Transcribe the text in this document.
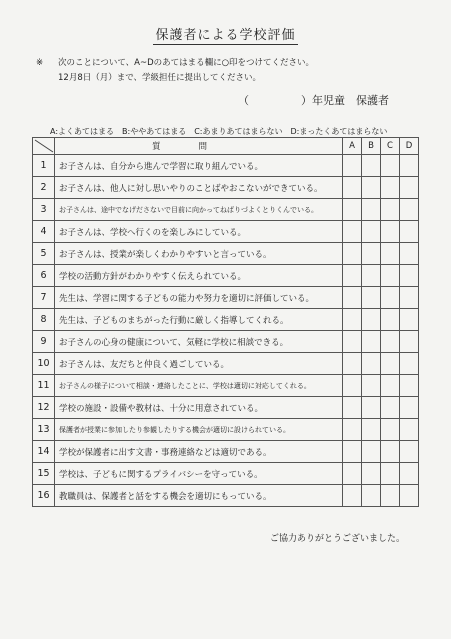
保護者による学校評価
※ 次のことについて、A~Dのあてはまる欄に○印をつけてください。
12月8日（月）まで、学級担任に提出してください。
（	）年児童　保護者
A:よくあてはまる　B:ややあてはまる　C:あまりあてはまらない　D:まったくあてはまらない
	質問	A	B	C	D
1	お子さんは、自分から進んで学習に取り組んでいる。				
2	お子さんは、他人に対し思いやりのことばやおこないができている。				
3	お子さんは、途中でなげださないで目前に向かってねばりづよくとりくんでいる。				
4	お子さんは、学校へ行くのを楽しみにしている。				
5	お子さんは、授業が楽しくわかりやすいと言っている。				
6	学校の活動方針がわかりやすく伝えられている。				
7	先生は、学習に関する子どもの能力や努力を適切に評価している。				
8	先生は、子どものまちがった行動に厳しく指導してくれる。				
9	お子さんの心身の健康について、気軽に学校に相談できる。				
10	お子さんは、友だちと仲良く過ごしている。				
11	お子さんの様子について相談・連絡したことに、学校は適切に対応してくれる。				
12	学校の施設・設備や教材は、十分に用意されている。				
13	保護者が授業に参加したり参観したりする機会が適切に設けられている。				
14	学校が保護者に出す文書・事務連絡などは適切である。				
15	学校は、子どもに関するプライバシーを守っている。				
16	教職員は、保護者と話をする機会を適切にもっている。				
ご協力ありがとうございました。
